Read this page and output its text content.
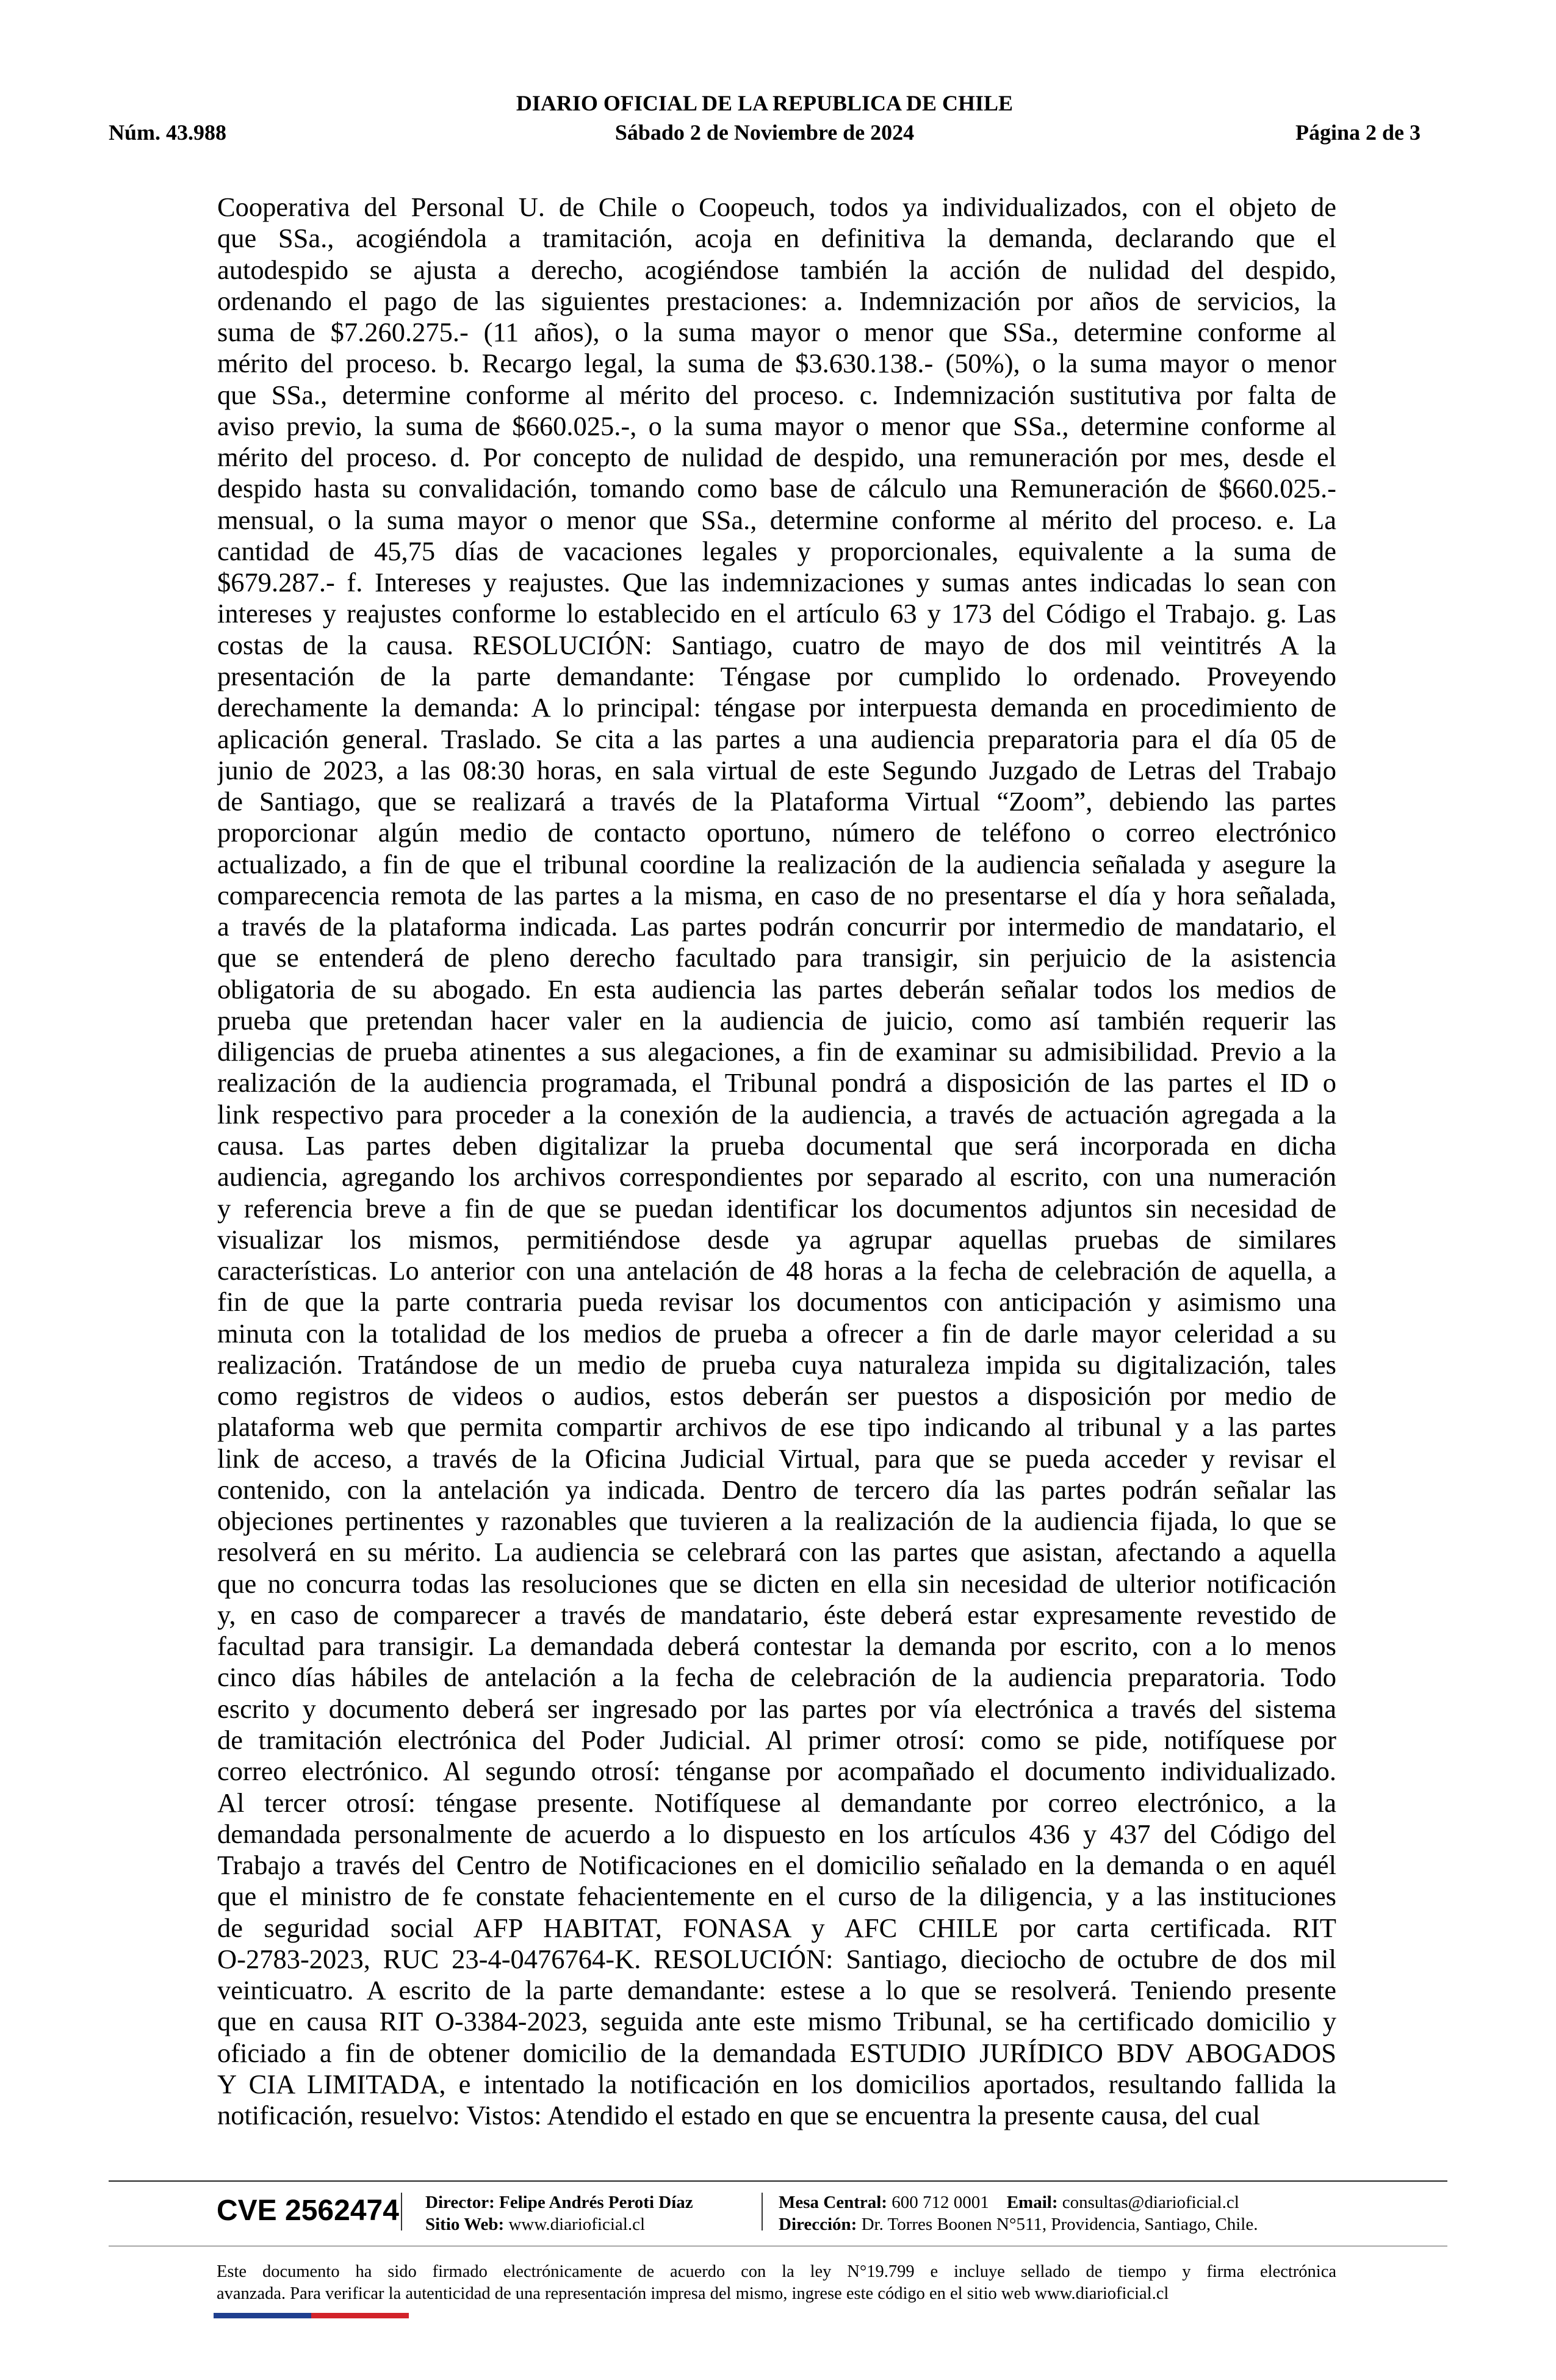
DIARIO OFICIAL DE LA REPUBLICA DE CHILE
Núm. 43.988	Sábado 2 de Noviembre de 2024	Página 2 de 3
Cooperativa del Personal U. de Chile o Coopeuch, todos ya individualizados, con el objeto de
que SSa., acogiéndola a tramitación, acoja en definitiva la demanda, declarando que el
autodespido se ajusta a derecho, acogiéndose también la acción de nulidad del despido,
ordenando el pago de las siguientes prestaciones: a. Indemnización por años de servicios, la
suma de $7.260.275.- (11 años), o la suma mayor o menor que SSa., determine conforme al
mérito del proceso. b. Recargo legal, la suma de $3.630.138.- (50%), o la suma mayor o menor
que SSa., determine conforme al mérito del proceso. c. Indemnización sustitutiva por falta de
aviso previo, la suma de $660.025.-, o la suma mayor o menor que SSa., determine conforme al
mérito del proceso. d. Por concepto de nulidad de despido, una remuneración por mes, desde el
despido hasta su convalidación, tomando como base de cálculo una Remuneración de $660.025.-
mensual, o la suma mayor o menor que SSa., determine conforme al mérito del proceso. e. La
cantidad de 45,75 días de vacaciones legales y proporcionales, equivalente a la suma de
$679.287.- f. Intereses y reajustes. Que las indemnizaciones y sumas antes indicadas lo sean con
intereses y reajustes conforme lo establecido en el artículo 63 y 173 del Código el Trabajo. g. Las
costas de la causa. RESOLUCIÓN: Santiago, cuatro de mayo de dos mil veintitrés A la
presentación de la parte demandante: Téngase por cumplido lo ordenado. Proveyendo
derechamente la demanda: A lo principal: téngase por interpuesta demanda en procedimiento de
aplicación general. Traslado. Se cita a las partes a una audiencia preparatoria para el día 05 de
junio de 2023, a las 08:30 horas, en sala virtual de este Segundo Juzgado de Letras del Trabajo
de Santiago, que se realizará a través de la Plataforma Virtual “Zoom”, debiendo las partes
proporcionar algún medio de contacto oportuno, número de teléfono o correo electrónico
actualizado, a fin de que el tribunal coordine la realización de la audiencia señalada y asegure la
comparecencia remota de las partes a la misma, en caso de no presentarse el día y hora señalada,
a través de la plataforma indicada. Las partes podrán concurrir por intermedio de mandatario, el
que se entenderá de pleno derecho facultado para transigir, sin perjuicio de la asistencia
obligatoria de su abogado. En esta audiencia las partes deberán señalar todos los medios de
prueba que pretendan hacer valer en la audiencia de juicio, como así también requerir las
diligencias de prueba atinentes a sus alegaciones, a fin de examinar su admisibilidad. Previo a la
realización de la audiencia programada, el Tribunal pondrá a disposición de las partes el ID o
link respectivo para proceder a la conexión de la audiencia, a través de actuación agregada a la
causa. Las partes deben digitalizar la prueba documental que será incorporada en dicha
audiencia, agregando los archivos correspondientes por separado al escrito, con una numeración
y referencia breve a fin de que se puedan identificar los documentos adjuntos sin necesidad de
visualizar los mismos, permitiéndose desde ya agrupar aquellas pruebas de similares
características. Lo anterior con una antelación de 48 horas a la fecha de celebración de aquella, a
fin de que la parte contraria pueda revisar los documentos con anticipación y asimismo una
minuta con la totalidad de los medios de prueba a ofrecer a fin de darle mayor celeridad a su
realización. Tratándose de un medio de prueba cuya naturaleza impida su digitalización, tales
como registros de videos o audios, estos deberán ser puestos a disposición por medio de
plataforma web que permita compartir archivos de ese tipo indicando al tribunal y a las partes
link de acceso, a través de la Oficina Judicial Virtual, para que se pueda acceder y revisar el
contenido, con la antelación ya indicada. Dentro de tercero día las partes podrán señalar las
objeciones pertinentes y razonables que tuvieren a la realización de la audiencia fijada, lo que se
resolverá en su mérito. La audiencia se celebrará con las partes que asistan, afectando a aquella
que no concurra todas las resoluciones que se dicten en ella sin necesidad de ulterior notificación
y, en caso de comparecer a través de mandatario, éste deberá estar expresamente revestido de
facultad para transigir. La demandada deberá contestar la demanda por escrito, con a lo menos
cinco días hábiles de antelación a la fecha de celebración de la audiencia preparatoria. Todo
escrito y documento deberá ser ingresado por las partes por vía electrónica a través del sistema
de tramitación electrónica del Poder Judicial. Al primer otrosí: como se pide, notifíquese por
correo electrónico. Al segundo otrosí: ténganse por acompañado el documento individualizado.
Al tercer otrosí: téngase presente. Notifíquese al demandante por correo electrónico, a la
demandada personalmente de acuerdo a lo dispuesto en los artículos 436 y 437 del Código del
Trabajo a través del Centro de Notificaciones en el domicilio señalado en la demanda o en aquél
que el ministro de fe constate fehacientemente en el curso de la diligencia, y a las instituciones
de seguridad social AFP HABITAT, FONASA y AFC CHILE por carta certificada. RIT
O-2783-2023, RUC 23-4-0476764-K. RESOLUCIÓN: Santiago, dieciocho de octubre de dos mil
veinticuatro. A escrito de la parte demandante: estese a lo que se resolverá. Teniendo presente
que en causa RIT O-3384-2023, seguida ante este mismo Tribunal, se ha certificado domicilio y
oficiado a fin de obtener domicilio de la demandada ESTUDIO JURÍDICO BDV ABOGADOS
Y CIA LIMITADA, e intentado la notificación en los domicilios aportados, resultando fallida la
notificación, resuelvo: Vistos: Atendido el estado en que se encuentra la presente causa, del cual
CVE 2562474 Director: Felipe Andrés Peroti Díaz
Sitio Web: www.diarioficial.cl
Mesa Central: 600 712 0001 Email: consultas@diarioficial.cl
Dirección: Dr. Torres Boonen N°511, Providencia, Santiago, Chile.
Este documento ha sido firmado electrónicamente de acuerdo con la ley N°19.799 e incluye sellado de tiempo y firma electrónica
avanzada. Para verificar la autenticidad de una representación impresa del mismo, ingrese este código en el sitio web www.diarioficial.cl
